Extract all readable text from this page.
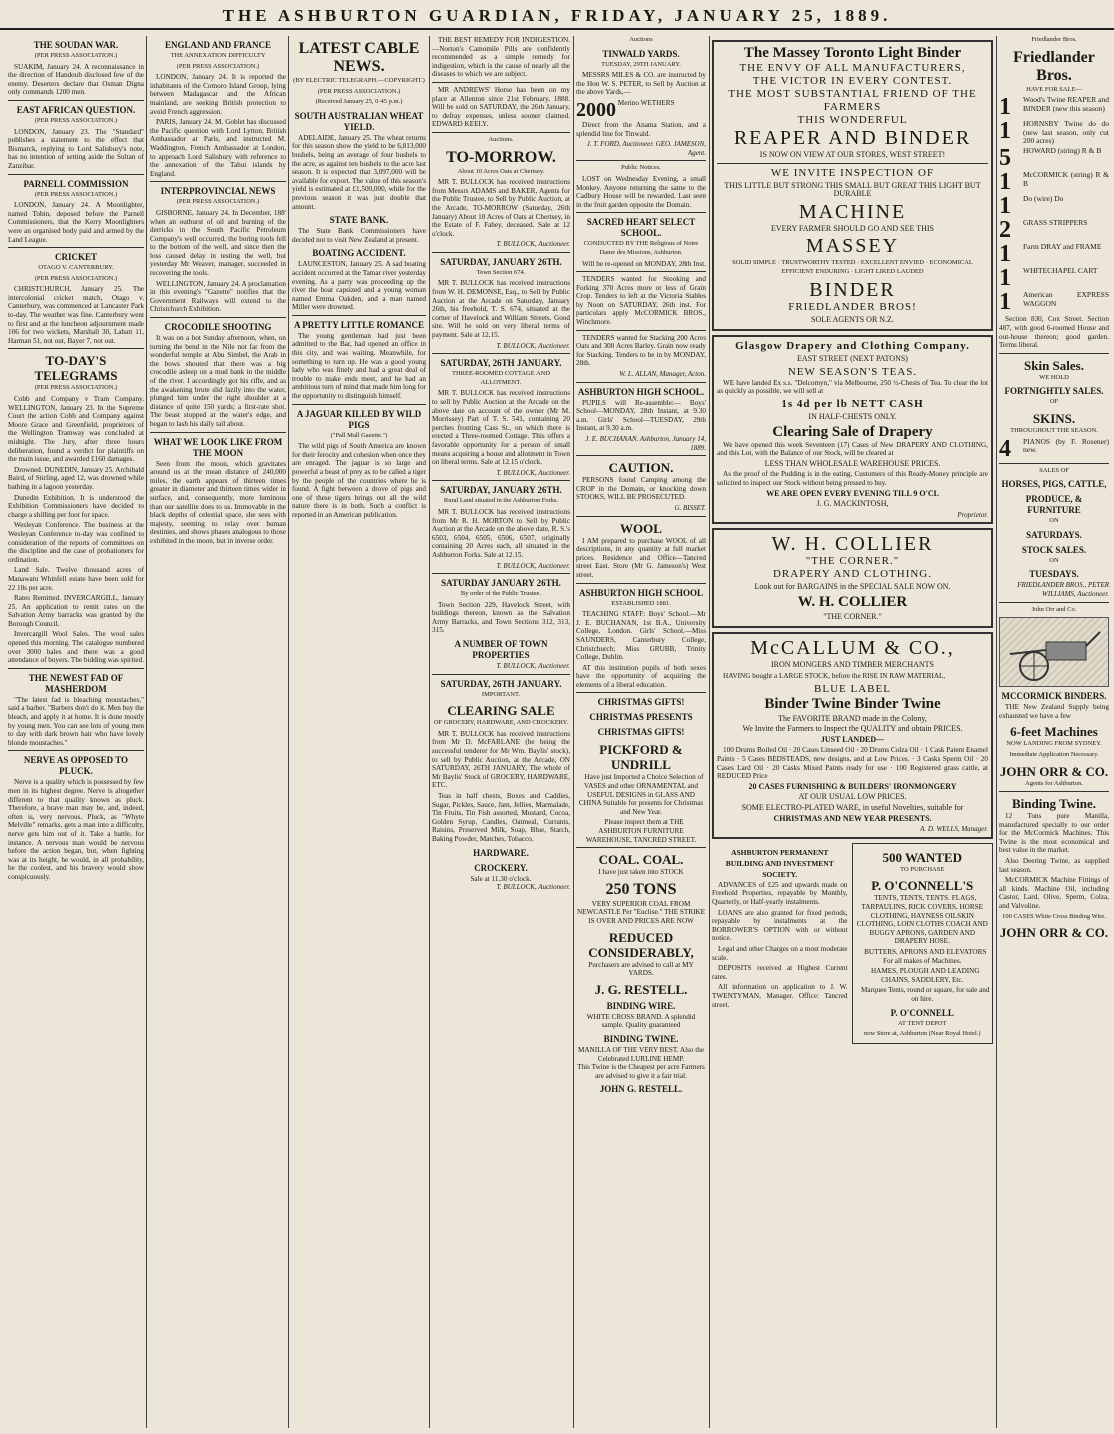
THE ASHBURTON GUARDIAN, FRIDAY, JANUARY 25, 1889.
THE SOUDAN WAR.
(PER PRESS ASSOCIATION.)

SUAKIM, January 24. A reconnaissance in the direction of Handoub disclosed few of the enemy. Deserters declare that Osman Digna only commands 1200 men.

EAST AFRICAN QUESTION.
(PER PRESS ASSOCIATION.)

LONDON, January 23. The "Standard" publishes a statement to the effect that Bismarck, replying to Lord Salisbury's note, has no intention of setting aside the Sultan of Zanzibar.

PARNELL COMMISSION
(PER PRESS ASSOCIATION.)

LONDON, January 24. A Moonlighter, named Tobin, deposed before the Parnell Commissioners, that the Kerry Moonlighters were an organised body paid and armed by the Land League.

CRICKET
OTAGO V. CANTERBURY.
(PER PRESS ASSOCIATION.)

CHRISTCHURCH, January 25. The intercolonial cricket match, Otago v. Canterbury, was commenced at Lancaster Park to-day. The weather was fine. Canterbury went to first and at the luncheon adjournment made 106 for two wickets, Marshall 30, Labatt 11, Harman 51, not out, Bayer 7, not out.

TO-DAY'S TELEGRAMS
(PER PRESS ASSOCIATION.)

Cobb and Company v Tram Company. WELLINGTON, January 23. In the Supreme Court the action Cobb and Company against Moore Grace and Greenfield, proprietors of the Wellington Tramway was concluded at midnight. The Jury, after three hours deliberation, found a verdict for plaintiffs on the main issue, and awarded £160 damages.

Drowned. DUNEDIN, January 25. Archibald Baird, of Stirling, aged 12, was drowned while bathing in a lagoon yesterday.

Dunedin Exhibition. It is understood the Exhibition Commissioners have decided to charge a shilling per foot for space.

Wesleyan Conference. The business at the Wesleyan Conference to-day was confined to consideration of the reports of committees on the discipline and the case of probationers for ordination.

Land Sale. Twelve thousand acres of Manawatu Whinfell estate have been sold for 22 10s per acre.

Rates Remitted. INVERCARGILL, January 25. An application to remit rates on the Salvation Army barracks was granted by the Borough Council.

Invercargill Wool Sales. The wool sales opened this morning. The catalogue numbered over 3000 bales and there was a good attendance of buyers. The bidding was spirited.

THE NEWEST FAD OF MASHERDOM

"The latest fad is bleaching moustaches," said a barber. "Barbers don't do it. Men buy the bleach, and apply it at home. It is done mostly by young men. You can see lots of young men to day with dark brown hair who have lovely blonde moustaches."

NERVE AS OPPOSED TO PLUCK.

Nerve is a quality which is possessed by few men in its highest degree. Nerve is altogether different to that quality known as pluck. Therefore, a brave man may be, and, indeed, often is, very nervous. Pluck, as "Whyte Melville" remarks, gets a man into a difficulty, nerve gets him out of it. Take a battle, for instance. A nervous man would be nervous before the action began, but, when fighting was at its height, he would, in all probability, be the coolest, and his bravery would show conspicuously.

ENGLAND AND FRANCE
THE ANNEXATION DIFFICULTY
(PER PRESS ASSOCIATION.)

LONDON, January 24. It is reported the inhabitants of the Comoro Island Group, lying between Madagascar and the African mainland, are seeking British protection to avoid French aggression.

PARIS, January 24. M. Goblet has discussed the Pacific question with Lord Lytton, British Ambassador at Paris, and instructed M. Waddington, French Ambassador at London, to approach Lord Salisbury with reference to the annexation of the Tahui islands by England.

INTERPROVINCIAL NEWS
(PER PRESS ASSOCIATION.)

GISBORNE, January 24. In December, 188' when an outburst of oil and burning of the derricks in the South Pacific Petroleum Company's well occurred, the boring tools fell to the bottom of the well, and since then the loss caused delay in testing the well, but yesterday Mr Weaver, manager, succeeded in recovering the tools.

WELLINGTON, January 24. A proclamation in this evening's "Gazette" notifies that the Government Railways will extend to the Christchurch Exhibition.

CROCODILE SHOOTING

It was on a hot Sunday afternoon, when, on turning the bend in the Nile not far from the wonderful temple at Abu Simbel, the Arab in the bows shouted that there was a big crocodile asleep on a mud bank in the middle of the river. I accordingly got his rifle, and as the awakening brute slid lazily into the water, plunged him under the right shoulder at a distance of quite 150 yards; a first-rate shot. The beast stopped at the water's edge, and began to lash his daily tail about.

WHAT WE LOOK LIKE FROM THE MOON

Seen from the moon, which gravitates around us at the mean distance of 240,000 miles, the earth appears of thirteen times greater in diameter and thirteen times wider in surface, and, consequently, more luminous than our satellite does to us. Immovable in the black depths of celestial space, she sees with majesty, seeming to relay over human destinies, and shows phases analogous to those exhibited in the moon, but in inverse order.

LATEST CABLE NEWS.
(BY ELECTRIC TELEGRAPH.—COPYRIGHT.)
(PER PRESS ASSOCIATION.)
(Received January 25, 0·45 p.m.)
SOUTH AUSTRALIAN WHEAT YIELD.

ADELAIDE, January 25. The wheat returns for this season show the yield to be 6,813,000 bushels, being an average of four bushels to the acre, as against ten bushels to the acre last season. It is expected that 3,097,000 will be available for export. The value of this season's yield is estimated at £1,500,000, while for the previous season it was just double that amount.

STATE BANK.

The State Bank Commissioners have decided not to visit New Zealand at present.

BOATING ACCIDENT.

LAUNCESTON, January 25. A sad boating accident occurred at the Tamar river yesterday evening. As a party was proceeding up the river the boat capsized and a young woman named Emma Oakden, and a man named Miller were drowned.

A PRETTY LITTLE ROMANCE

The young gentleman had just been admitted to the Bar, had opened an office in this city, and was waiting. Meanwhile, for something to turn up. He was a good young lady who was finely and had a great deal of trouble to make ends meet, and he had an ambitious turn of mind that made him long for the opportunity to distinguish himself.

A JAGUAR KILLED BY WILD PIGS
("Pall Mall Gazette.")

The wild pigs of South America are known for their ferocity and cohesion when once they are enraged. The jaguar is so large and powerful a beast of prey as to be called a tiger by the people of the countries where he is found. A fight between a drove of pigs and one of these tigers brings out all the wild nature there is in both. Such a conflict is reported in an American publication.

THE BEST REMEDY FOR INDIGESTION.—Norton's Camomile Pills are confidently recommended as a simple remedy for indigestion, which is the cause of nearly all the diseases to which we are subject.

MR ANDREWS' Horse has been on my place at Allenton since 21st February, 1888. Will be sold on SATURDAY, the 26th January, to defray expenses, unless sooner claimed. EDWARD KEELY.

Auctions.
TO-MORROW.
About 10 Acres Oats at Chertsey.

MR T. BULLOCK has received instructions from Messrs ADAMS and BAKER, Agents for the Public Trustee, to Sell by Public Auction, at the Arcade, TO-MORROW (Saturday, 26th January) About 10 Acres of Oats at Chertsey, in the Estate of F. Fahey, deceased. Sale at 12 o'clock.

T. BULLOCK, Auctioneer.
SATURDAY, JANUARY 26TH.
Town Section 674.

MR T. BULLOCK has received instructions from W. H. DEMONSE, Esq., to Sell by Public Auction at the Arcade on Saturday, January 26th, his freehold, T. S. 674, situated at the corner of Havelock and William Streets. Good site. Will be sold on very liberal terms of payment. Sale at 12.15.

T. BULLOCK, Auctioneer.
SATURDAY, 26TH JANUARY.
THREE-ROOMED COTTAGE AND ALLOTMENT.

MR T. BULLOCK has received instructions to sell by Public Auction at the Arcade on the above date on account of the owner (Mr M. Morrissey) Part of T. S. 541, containing 20 perches fronting Cass St., on which there is erected a Three-roomed Cottage. This offers a favorable opportunity for a person of small means acquiring a house and allotment in Town on liberal terms. Sale at 12.15 o'clock.

T. BULLOCK, Auctioneer.
SATURDAY, JANUARY 26TH.
Rural Land situated in the Ashburton Forks.

MR T. BULLOCK has received instructions from Mr R. H. MORTON to Sell by Public Auction at the Arcade on the above date, R. S.'s 6503, 6504, 6505, 6506, 6507, originally containing 20 Acres each, all situated in the Ashburton Forks. Sale at 12.15.

T. BULLOCK, Auctioneer.
SATURDAY JANUARY 26TH.
By order of the Public Trustee.

Town Section 229, Havelock Street, with buildings thereon, known as the Salvation Army Barracks, and Town Sections 312, 313, 315.

A NUMBER OF TOWN PROPERTIES
T. BULLOCK, Auctioneer.
SATURDAY, 26TH JANUARY.
IMPORTANT.
CLEARING SALE
OF GROCERY, HARDWARE, AND CROCKERY.

MR T. BULLOCK has received instructions from Mr D. McFARLANE (he being the successful tenderer for Mr Wm. Baylis' stock), to sell by Public Auction, at the Arcade, ON SATURDAY, 26TH JANUARY, The whole of Mr Baylis' Stock of GROCERY, HARDWARE, ETC.

Teas in half chests, Boxes and Caddies, Sugar, Pickles, Sauce, Jam, Jellies, Marmalade, Tin Fruits, Tin Fish assorted, Mustard, Cocoa, Golden Syrup, Candles, Oatmeal, Currants, Raisins, Preserved Milk, Soap, Blue, Starch, Baking Powder, Matches, Tobacco.

HARDWARE.
CROCKERY.
Sale at 11.30 o'clock.
T. BULLOCK, Auctioneer.
Auctions
TINWALD YARDS.
TUESDAY, 29TH JANUARY.

MESSRS MILES & CO. are instructed by the Hon W. S. PETER, to Sell by Auction at the above Yards,—

2000 Merino WETHERS

Direct from the Anama Station, and a splendid line for Tinwald.

J. T. FORD, Auctioneer. GEO. JAMESON, Agent.
Public Notices.

LOST on Wednesday Evening, a small Monkey. Anyone returning the same to the Cadbury House will be rewarded. Last seen in the fruit garden opposite the Domain.

SACRED HEART SELECT SCHOOL.
CONDUCTED BY THE Religious of Notre Dame des Missions, Ashburton.

Will be re-opened on MONDAY, 28th Inst.

TENDERS wanted for Stooking and Forking 370 Acres more or less of Grain Crop. Tenders to left at the Victoria Stables by Noon on SATURDAY, 26th inst. For particulars apply McCORMICK BROS., Winchmore.

TENDERS wanted for Stacking 200 Acres Oats and 300 Acres Barley. Grain now ready for Stacking. Tenders to be in by MONDAY, 28th.

W. L. ALLAN, Manager, Acton.
ASHBURTON HIGH SCHOOL.

PUPILS will Re-assemble:— Boys' School—MONDAY, 28th Instant, at 9.30 a.m. Girls' School—TUESDAY, 29th Instant, at 9.30 a.m.

J. E. BUCHANAN. Ashburton, January 14, 1889.
CAUTION.

PERSONS found Camping among the CROP in the Domain, or knocking down STOOKS, WILL BE PROSECUTED.

G. BISSET.
WOOL

I AM prepared to purchase WOOL of all descriptions, in any quantity at full market prices. Residence and Office—Tancred street East. Store (Mr G. Jameson's) West street.

ASHBURTON HIGH SCHOOL
ESTABLISHED 1881.

TEACHING STAFF: Boys' School.—Mr J. E. BUCHANAN, 1st B.A., University College, London. Girls' School.—Miss SAUNDERS, Canterbury College, Christchurch; Miss GRUBB, Trinity College, Dublin.

AT this institution pupils of both sexes have the opportunity of acquiring the elements of a liberal education.

CHRISTMAS GIFTS!
CHRISTMAS PRESENTS
CHRISTMAS GIFTS!
PICKFORD & UNDRILL

Have just Imported a Choice Selection of VASES and other ORNAMENTAL and USEFUL DESIGNS in GLASS AND CHINA Suitable for presents for Christmas and New Year.

Please inspect them at THE ASHBURTON FURNITURE WAREHOUSE, TANCRED STREET.

COAL. COAL.
I have just taken into STOCK
250 TONS
VERY SUPERIOR COAL FROM NEWCASTLE Per "Euclise." THE STRIKE IS OVER AND PRICES ARE NOW
REDUCED CONSIDERABLY,
Purchasers are advised to call at MY YARDS.
J. G. RESTELL.
BINDING WIRE.
WHITE CROSS BRAND. A splendid sample. Quality guaranteed
BINDING TWINE.
MANILLA OF THE VERY BEST. Also the Celebrated LURLINE HEMP.
This Twine is the Cheapest per acre Farmers are advised to give it a fair trial.
JOHN G. RESTELL.
The Massey Toronto Light Binder
THE ENVY OF ALL MANUFACTURERS,
THE VICTOR IN EVERY CONTEST.
THE MOST SUBSTANTIAL FRIEND OF THE FARMERS
THIS WONDERFUL
REAPER AND BINDER
IS NOW ON VIEW AT OUR STORES, WEST STREET!
WE INVITE INSPECTION OF
THIS LITTLE BUT STRONG THIS SMALL BUT GREAT THIS LIGHT BUT DURABLE
MACHINE
EVERY FARMER SHOULD GO AND SEE THIS
MASSEY
SOLID SIMPLE · TRUSTWORTHY TESTED · EXCELLENT ENVIED · ECONOMICAL EFFICIENT ENDURING · LIGHT LIKED LAUDED
BINDER
FRIEDLANDER BROS!
SOLE AGENTS OR N.Z.
Glasgow Drapery and Clothing Company.
EAST STREET (NEXT PATONS)
NEW SEASON'S TEAS.

WE have landed Ex s.s. "Delcomyn," via Melbourne, 250 ½-Chests of Tea. To clear the lot as quickly as possible, we will sell at

1s 4d per lb NETT CASH
IN HALF-CHESTS ONLY.
Clearing Sale of Drapery

We have opened this week Seventeen (17) Cases of New DRAPERY AND CLOTHING, and this Lot, with the Balance of our Stock, will be cleared at

LESS THAN WHOLESALE WAREHOUSE PRICES.

As the proof of the Pudding is in the eating, Customers of this Ready-Money principle are solicited to inspect our Stock without being pressed to buy.

WE ARE OPEN EVERY EVENING TILL 9 O'CL
J. G. MACKINTOSH,
Proprietor.
W. H. COLLIER
"THE CORNER."
DRAPERY AND CLOTHING.
Look out for BARGAINS in the SPECIAL SALE NOW ON.
W. H. COLLIER
"THE CORNER."
McCALLUM & CO.,
IRON MONGERS AND TIMBER MERCHANTS

HAVING bought a LARGE STOCK, before the RISE IN RAW MATERIAL,

BLUE LABEL
Binder Twine Binder Twine
The FAVORITE BRAND made in the Colony,
We Invite the Farmers to Inspect the QUALITY and obtain PRICES.
JUST LANDED—

100 Drums Boiled Oil · 20 Cases Linseed Oil · 20 Drums Colza Oil · 1 Cask Patent Enamel Paints · 5 Cases BEDSTEADS, new designs, and at Low Prices. · 3 Casks Sperm Oil · 20 Cases Lard Oil · 20 Casks Mixed Paints ready for use · 100 Registered grass cattle, at REDUCED Price

20 CASES FURNISHING & BUILDERS' IRONMONGERY
AT OUR USUAL LOW PRICES.
SOME ELECTRO-PLATED WARE, in useful Novelties, suitable for
CHRISTMAS AND NEW YEAR PRESENTS.
A. D. WELLS, Manager.
ASHBURTON PERMANENT BUILDING AND INVESTMENT SOCIETY.

ADVANCES of £25 and upwards made on Freehold Properties, repayable by Monthly, Quarterly, or Half-yearly instalments.

LOANS are also granted for fixed periods, repayable by instalments at the BORROWER'S OPTION with or without notice.

Legal and other Charges on a most moderate scale.

DEPOSITS received at Highest Current rates.

All information on application to J. W. TWENTYMAN, Manager. Office: Tancred street.

500 WANTED
TO PURCHASE
P. O'CONNELL'S

TENTS, TENTS, TENTS. FLAGS, TARPAULINS, RICK COVERS, HORSE CLOTHING, HAYNESS OILSKIN CLOTHING, LOIN CLOTHS COACH AND BUGGY APRONS, GARDEN AND DRAPERY HOSE.

BUTTERS, APRONS AND ELEVATORS For all makes of Machines.

HAMES, PLOUGH AND LEADING CHAINS, SADDLERY, Etc.

Marquee Tents, round or square, for sale and on hire.

P. O'CONNELL
AT TENT DEPOT
now Store at, Ashburton (Near Royal Hotel.)
Friedlander Bros.
Friedlander Bros.
HAVE FOR SALE—
1	Wood's Twine REAPER and BINDER (new this season)
1	HORNSBY Twine do do (new last season, only cut 200 acres)
5	HOWARD (string) R & B
1	McCORMICK (string) R & B
1	Do (wire) Do
2	GRASS STRIPPERS
1	Farm DRAY and FRAME
1	WHITECHAPEL CART
1	American EXPRESS WAGGON

Section 830, Cox Street. Section 487, with good 6-roomed House and out-house thereon; good garden. Terms liberal.

Skin Sales.
WE HOLD
FORTNIGHTLY SALES.
OF
SKINS.
THROUGHOUT THE SEASON.
4	PIANOS (by F. Rosener) new.
SALES OF
HORSES, PIGS, CATTLE,
PRODUCE, & FURNITURE
ON
SATURDAYS.
STOCK SALES.
ON
TUESDAYS.
FRIEDLANDER BROS., PETER WILLIAMS, Auctioneer.
John Orr and Co.
MCCORMICK BINDERS.

THE New Zealand Supply being exhausted we have a few

6-feet Machines
NOW LANDING FROM SYDNEY.
Immediate Application Necessary.
JOHN ORR & CO.
Agents for Ashburton.
Binding Twine.

12 Tons pure Manilla, manufactured specially to our order for the McCormick Machines. This Twine is the most economical and best value in the market.

Also Deering Twine, as supplied last season.

McCORMICK Machine Fittings of all kinds. Machine Oil, including Castor, Lard, Olive, Sperm, Colza, and Valvoline.

100 CASES White Cross Binding Wire.
JOHN ORR & CO.
